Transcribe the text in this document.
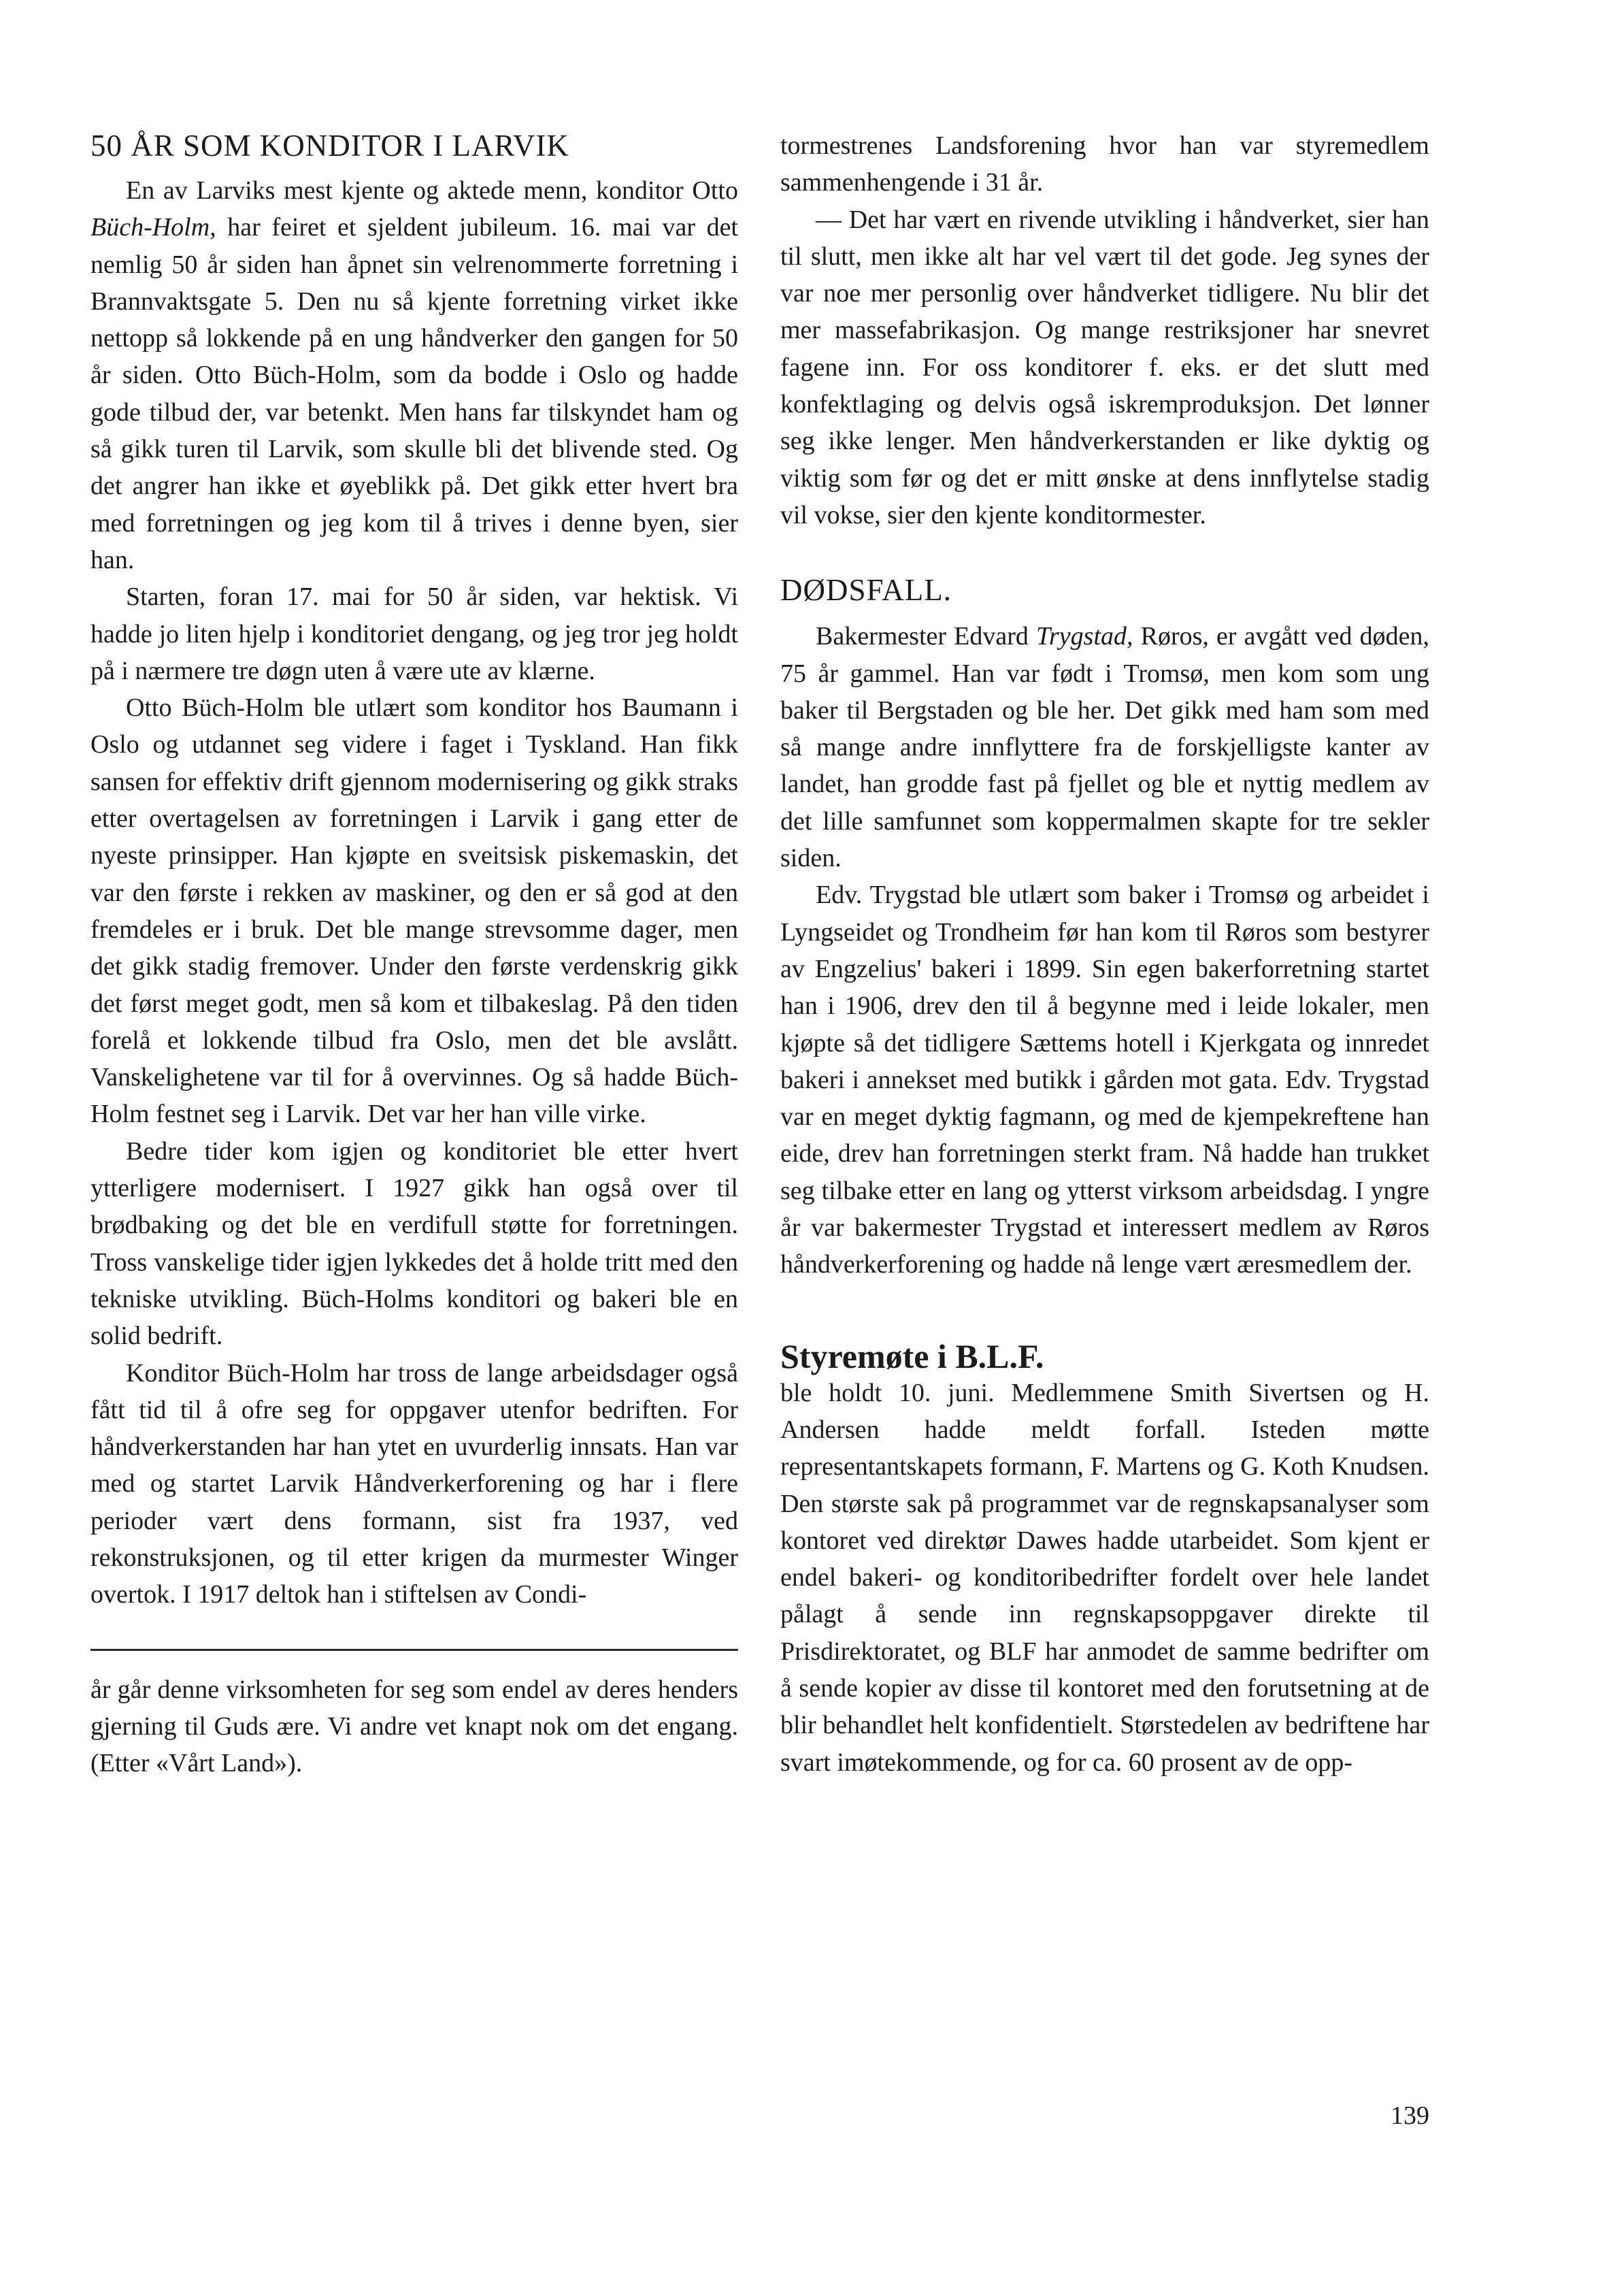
50 ÅR SOM KONDITOR I LARVIK

En av Larviks mest kjente og aktede menn, konditor Otto Büch-Holm, har feiret et sjeldent jubileum. 16. mai var det nemlig 50 år siden han åpnet sin velrenommerte forretning i Brannvaktsgate 5. Den nu så kjente forretning virket ikke nettopp så lokkende på en ung håndverker den gangen for 50 år siden. Otto Büch-Holm, som da bodde i Oslo og hadde gode tilbud der, var betenkt. Men hans far tilskyndet ham og så gikk turen til Larvik, som skulle bli det blivende sted. Og det angrer han ikke et øyeblikk på. Det gikk etter hvert bra med forretningen og jeg kom til å trives i denne byen, sier han.

Starten, foran 17. mai for 50 år siden, var hektisk. Vi hadde jo liten hjelp i konditoriet dengang, og jeg tror jeg holdt på i nærmere tre døgn uten å være ute av klærne.

Otto Büch-Holm ble utlært som konditor hos Baumann i Oslo og utdannet seg videre i faget i Tyskland. Han fikk sansen for effektiv drift gjennom modernisering og gikk straks etter overtagelsen av forretningen i Larvik i gang etter de nyeste prinsipper. Han kjøpte en sveitsisk piskemaskin, det var den første i rekken av maskiner, og den er så god at den fremdeles er i bruk. Det ble mange strevsomme dager, men det gikk stadig fremover. Under den første verdenskrig gikk det først meget godt, men så kom et tilbakeslag. På den tiden forelå et lokkende tilbud fra Oslo, men det ble avslått. Vanskelighetene var til for å overvinnes. Og så hadde Büch-Holm festnet seg i Larvik. Det var her han ville virke.

Bedre tider kom igjen og konditoriet ble etter hvert ytterligere modernisert. I 1927 gikk han også over til brødbaking og det ble en verdifull støtte for forretningen. Tross vanskelige tider igjen lykkedes det å holde tritt med den tekniske utvikling. Büch-Holms konditori og bakeri ble en solid bedrift.

Konditor Büch-Holm har tross de lange arbeidsdager også fått tid til å ofre seg for oppgaver utenfor bedriften. For håndverkerstanden har han ytet en uvurderlig innsats. Han var med og startet Larvik Håndverkerforening og har i flere perioder vært dens formann, sist fra 1937, ved rekonstruksjonen, og til etter krigen da murmester Winger overtok. I 1917 deltok han i stiftelsen av Condi-

år går denne virksomheten for seg som endel av deres henders gjerning til Guds ære. Vi andre vet knapt nok om det engang. (Etter «Vårt Land»).

tormestrenes Landsforening hvor han var styremedlem sammenhengende i 31 år.

— Det har vært en rivende utvikling i håndverket, sier han til slutt, men ikke alt har vel vært til det gode. Jeg synes der var noe mer personlig over håndverket tidligere. Nu blir det mer massefabrikasjon. Og mange restriksjoner har snevret fagene inn. For oss konditorer f. eks. er det slutt med konfektlaging og delvis også iskremproduksjon. Det lønner seg ikke lenger. Men håndverkerstanden er like dyktig og viktig som før og det er mitt ønske at dens innflytelse stadig vil vokse, sier den kjente konditormester.

DØDSFALL.

Bakermester Edvard Trygstad, Røros, er avgått ved døden, 75 år gammel. Han var født i Tromsø, men kom som ung baker til Bergstaden og ble her. Det gikk med ham som med så mange andre innflyttere fra de forskjelligste kanter av landet, han grodde fast på fjellet og ble et nyttig medlem av det lille samfunnet som koppermalmen skapte for tre sekler siden.

Edv. Trygstad ble utlært som baker i Tromsø og arbeidet i Lyngseidet og Trondheim før han kom til Røros som bestyrer av Engzelius' bakeri i 1899. Sin egen bakerforretning startet han i 1906, drev den til å begynne med i leide lokaler, men kjøpte så det tidligere Sættems hotell i Kjerkgata og innredet bakeri i annekset med butikk i gården mot gata. Edv. Trygstad var en meget dyktig fagmann, og med de kjempekreftene han eide, drev han forretningen sterkt fram. Nå hadde han trukket seg tilbake etter en lang og ytterst virksom arbeidsdag. I yngre år var bakermester Trygstad et interessert medlem av Røros håndverkerforening og hadde nå lenge vært æresmedlem der.

Styremøte i B.L.F.

ble holdt 10. juni. Medlemmene Smith Sivertsen og H. Andersen hadde meldt forfall. Isteden møtte representantskapets formann, F. Martens og G. Koth Knudsen. Den største sak på programmet var de regnskapsanalyser som kontoret ved direktør Dawes hadde utarbeidet. Som kjent er endel bakeri- og konditoribedrifter fordelt over hele landet pålagt å sende inn regnskapsoppgaver direkte til Prisdirektoratet, og BLF har anmodet de samme bedrifter om å sende kopier av disse til kontoret med den forutsetning at de blir behandlet helt konfidentielt. Størstedelen av bedriftene har svart imøtekommende, og for ca. 60 prosent av de opp-

139
